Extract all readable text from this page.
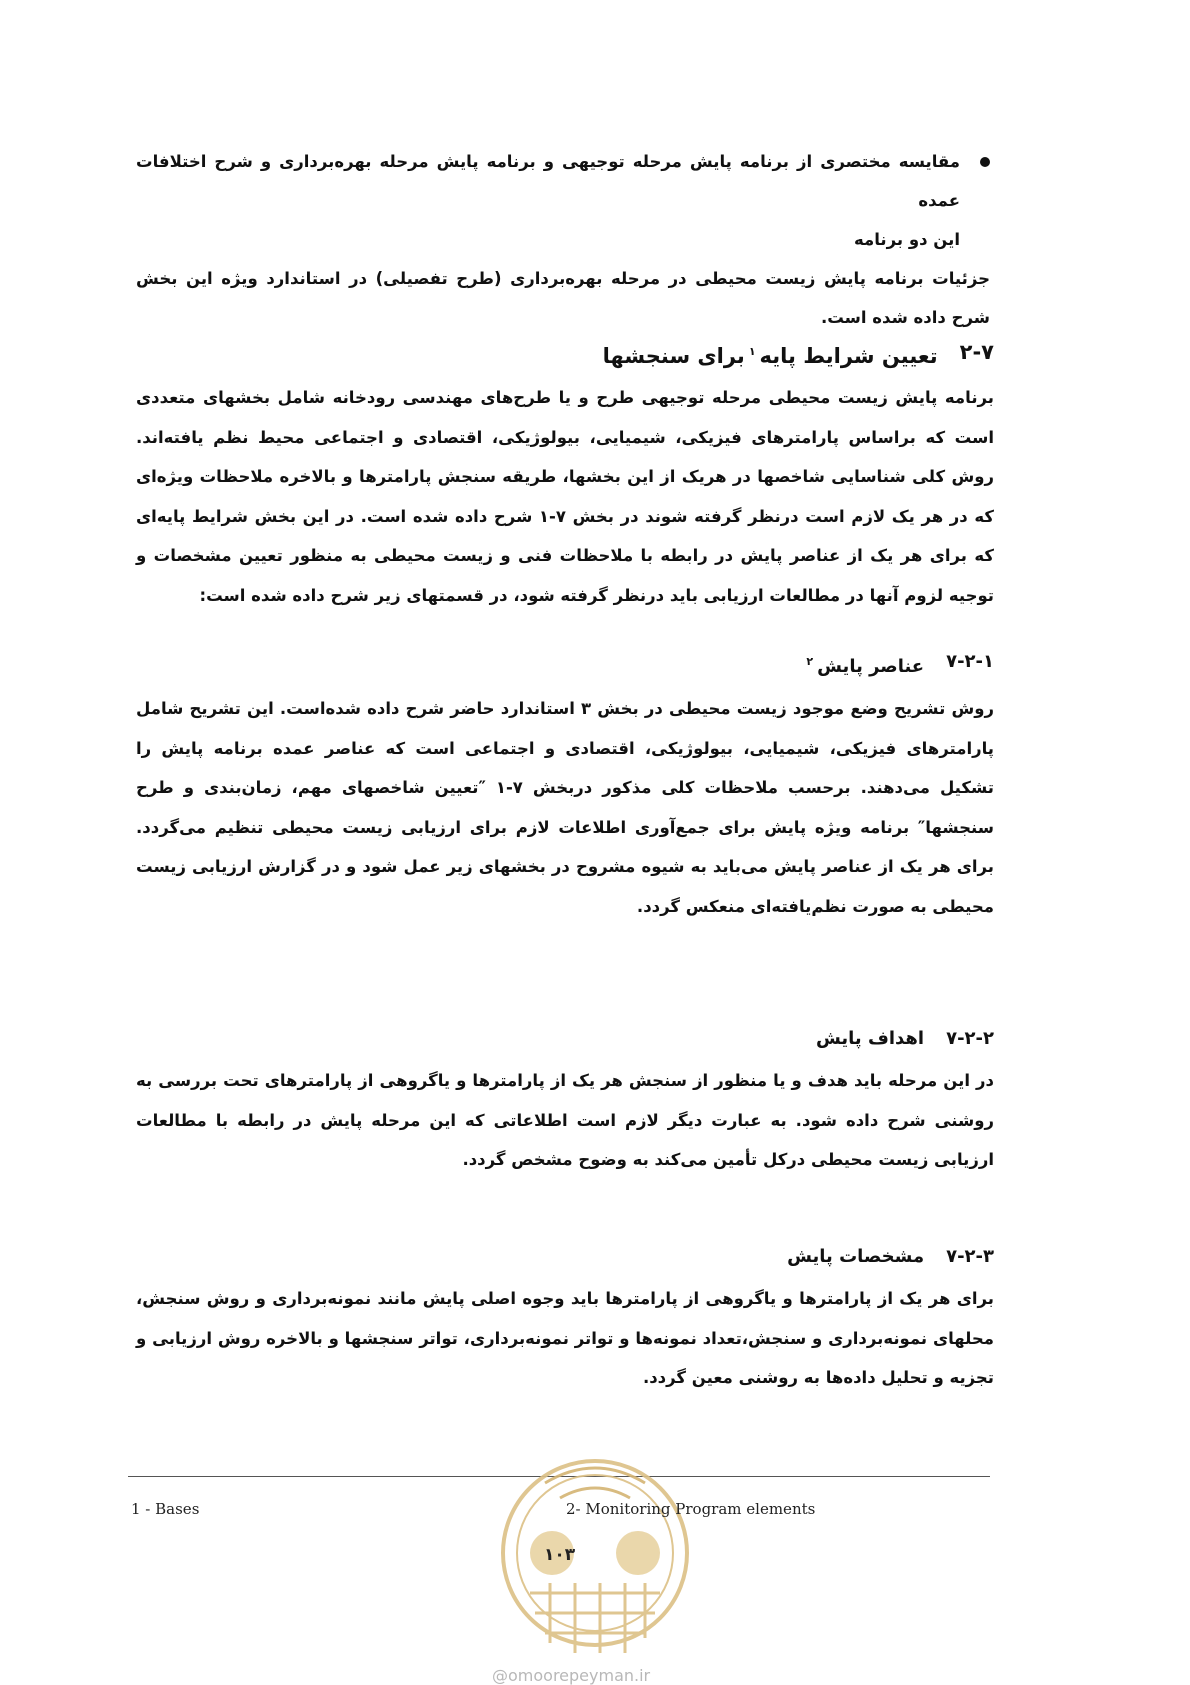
مقایسه مختصری از برنامه پایش مرحله توجیهی و برنامه پایش مرحله بهره‌برداری و شرح اختلافات عمده
این دو برنامه
جزئیات برنامه پایش زیست محیطی در مرحله بهره‌برداری (طرح تفصیلی) در استاندارد ویژه این بخش شرح داده شده است.
۲-۷
تعیین شرایط پایه$^۱$برای سنجشها
برنامه پایش زیست محیطی مرحله توجیهی طرح و یا طرح‌های مهندسی رودخانه شامل بخشهای متعددی است که براساس پارامترهای فیزیکی، شیمیایی، بیولوژیکی، اقتصادی و اجتماعی محیط نظم یافته‌اند. روش کلی شناسایی شاخصها در هریک از این بخشها، طریقه سنجش پارامترها و بالاخره ملاحظات ویژه‌ای که در هر یک لازم است درنظر گرفته شوند در بخش ۷-۱ شرح داده شده است. در این بخش شرایط پایه‌ای که برای هر یک از عناصر پایش در رابطه با ملاحظات فنی و زیست محیطی به منظور تعیین مشخصات و توجیه لزوم آنها در مطالعات ارزیابی باید درنظر گرفته شود، در قسمتهای زیر شرح داده شده است:
۷-۲-۱
عناصر پایش$^۲$
روش تشریح وضع موجود زیست محیطی در بخش ۳ استاندارد حاضر شرح داده شده‌است. این تشریح شامل پارامترهای فیزیکی، شیمیایی، بیولوژیکی، اقتصادی و اجتماعی است که عناصر عمده برنامه پایش را تشکیل می‌دهند. برحسب ملاحظات کلی مذکور دربخش ۷-۱ ″تعیین شاخصهای مهم، زمان‌بندی و طرح سنجشها″ برنامه ویژه پایش برای جمع‌آوری اطلاعات لازم برای ارزیابی زیست محیطی تنظیم می‌گردد. برای هر یک از عناصر پایش می‌باید به شیوه مشروح در بخشهای زیر عمل شود و در گزارش ارزیابی زیست محیطی به صورت نظم‌یافته‌ای منعکس گردد.
۷-۲-۲
اهداف پایش
در این مرحله باید هدف و یا منظور از سنجش هر یک از پارامترها و یاگروهی از پارامترهای تحت بررسی به روشنی شرح داده شود. به عبارت دیگر لازم است اطلاعاتی که این مرحله پایش در رابطه با مطالعات ارزیابی زیست محیطی درکل تأمین می‌کند به وضوح مشخص گردد.
۷-۲-۳
مشخصات پایش
برای هر یک از پارامترها و یاگروهی از پارامترها باید وجوه اصلی پایش مانند نمونه‌برداری و روش سنجش، محلهای نمونه‌برداری و سنجش،تعداد نمونه‌ها و تواتر نمونه‌برداری، تواتر سنجشها و بالاخره روش ارزیابی و تجزیه و تحلیل داده‌ها به روشنی معین گردد.
1 - Bases	2- Monitoring Program elements
۱۰۳
@omoorepeyman.ir
